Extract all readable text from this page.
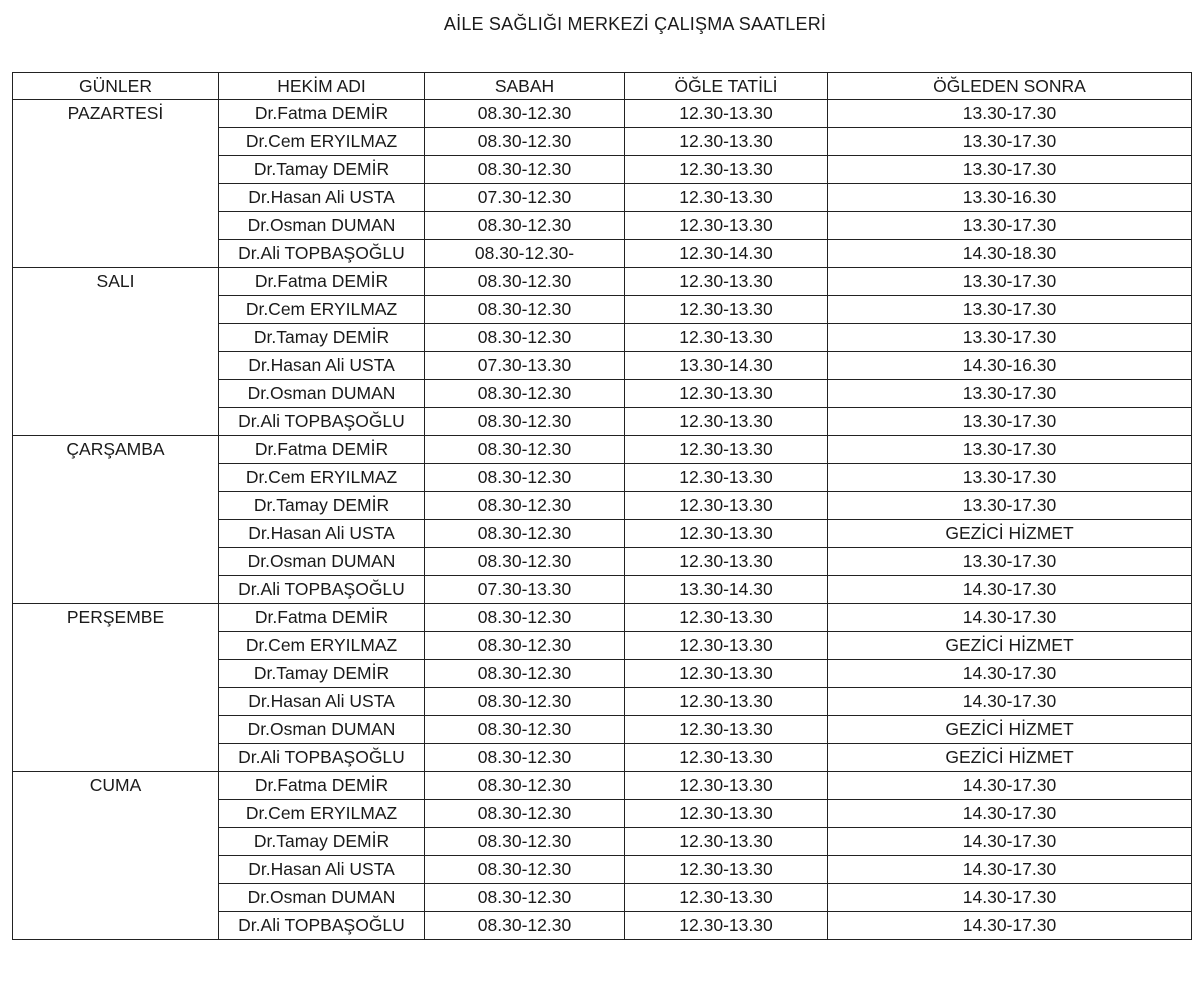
AİLE SAĞLIĞI MERKEZİ ÇALIŞMA SAATLERİ
GÜNLER	HEKİM ADI	SABAH	ÖĞLE TATİLİ	ÖĞLEDEN SONRA
PAZARTESİ	Dr.Fatma DEMİR	08.30-12.30	12.30-13.30	13.30-17.30
	Dr.Cem ERYILMAZ	08.30-12.30	12.30-13.30	13.30-17.30
	Dr.Tamay DEMİR	08.30-12.30	12.30-13.30	13.30-17.30
	Dr.Hasan Ali USTA	07.30-12.30	12.30-13.30	13.30-16.30
	Dr.Osman DUMAN	08.30-12.30	12.30-13.30	13.30-17.30
	Dr.Ali TOPBAŞOĞLU	08.30-12.30-	12.30-14.30	14.30-18.30
SALI	Dr.Fatma DEMİR	08.30-12.30	12.30-13.30	13.30-17.30
	Dr.Cem ERYILMAZ	08.30-12.30	12.30-13.30	13.30-17.30
	Dr.Tamay DEMİR	08.30-12.30	12.30-13.30	13.30-17.30
	Dr.Hasan Ali USTA	07.30-13.30	13.30-14.30	14.30-16.30
	Dr.Osman DUMAN	08.30-12.30	12.30-13.30	13.30-17.30
	Dr.Ali TOPBAŞOĞLU	08.30-12.30	12.30-13.30	13.30-17.30
ÇARŞAMBA	Dr.Fatma DEMİR	08.30-12.30	12.30-13.30	13.30-17.30
	Dr.Cem ERYILMAZ	08.30-12.30	12.30-13.30	13.30-17.30
	Dr.Tamay DEMİR	08.30-12.30	12.30-13.30	13.30-17.30
	Dr.Hasan Ali USTA	08.30-12.30	12.30-13.30	GEZİCİ HİZMET
	Dr.Osman DUMAN	08.30-12.30	12.30-13.30	13.30-17.30
	Dr.Ali TOPBAŞOĞLU	07.30-13.30	13.30-14.30	14.30-17.30
PERŞEMBE	Dr.Fatma DEMİR	08.30-12.30	12.30-13.30	14.30-17.30
	Dr.Cem ERYILMAZ	08.30-12.30	12.30-13.30	GEZİCİ HİZMET
	Dr.Tamay DEMİR	08.30-12.30	12.30-13.30	14.30-17.30
	Dr.Hasan Ali USTA	08.30-12.30	12.30-13.30	14.30-17.30
	Dr.Osman DUMAN	08.30-12.30	12.30-13.30	GEZİCİ HİZMET
	Dr.Ali TOPBAŞOĞLU	08.30-12.30	12.30-13.30	GEZİCİ HİZMET
CUMA	Dr.Fatma DEMİR	08.30-12.30	12.30-13.30	14.30-17.30
	Dr.Cem ERYILMAZ	08.30-12.30	12.30-13.30	14.30-17.30
	Dr.Tamay DEMİR	08.30-12.30	12.30-13.30	14.30-17.30
	Dr.Hasan Ali USTA	08.30-12.30	12.30-13.30	14.30-17.30
	Dr.Osman DUMAN	08.30-12.30	12.30-13.30	14.30-17.30
	Dr.Ali TOPBAŞOĞLU	08.30-12.30	12.30-13.30	14.30-17.30
